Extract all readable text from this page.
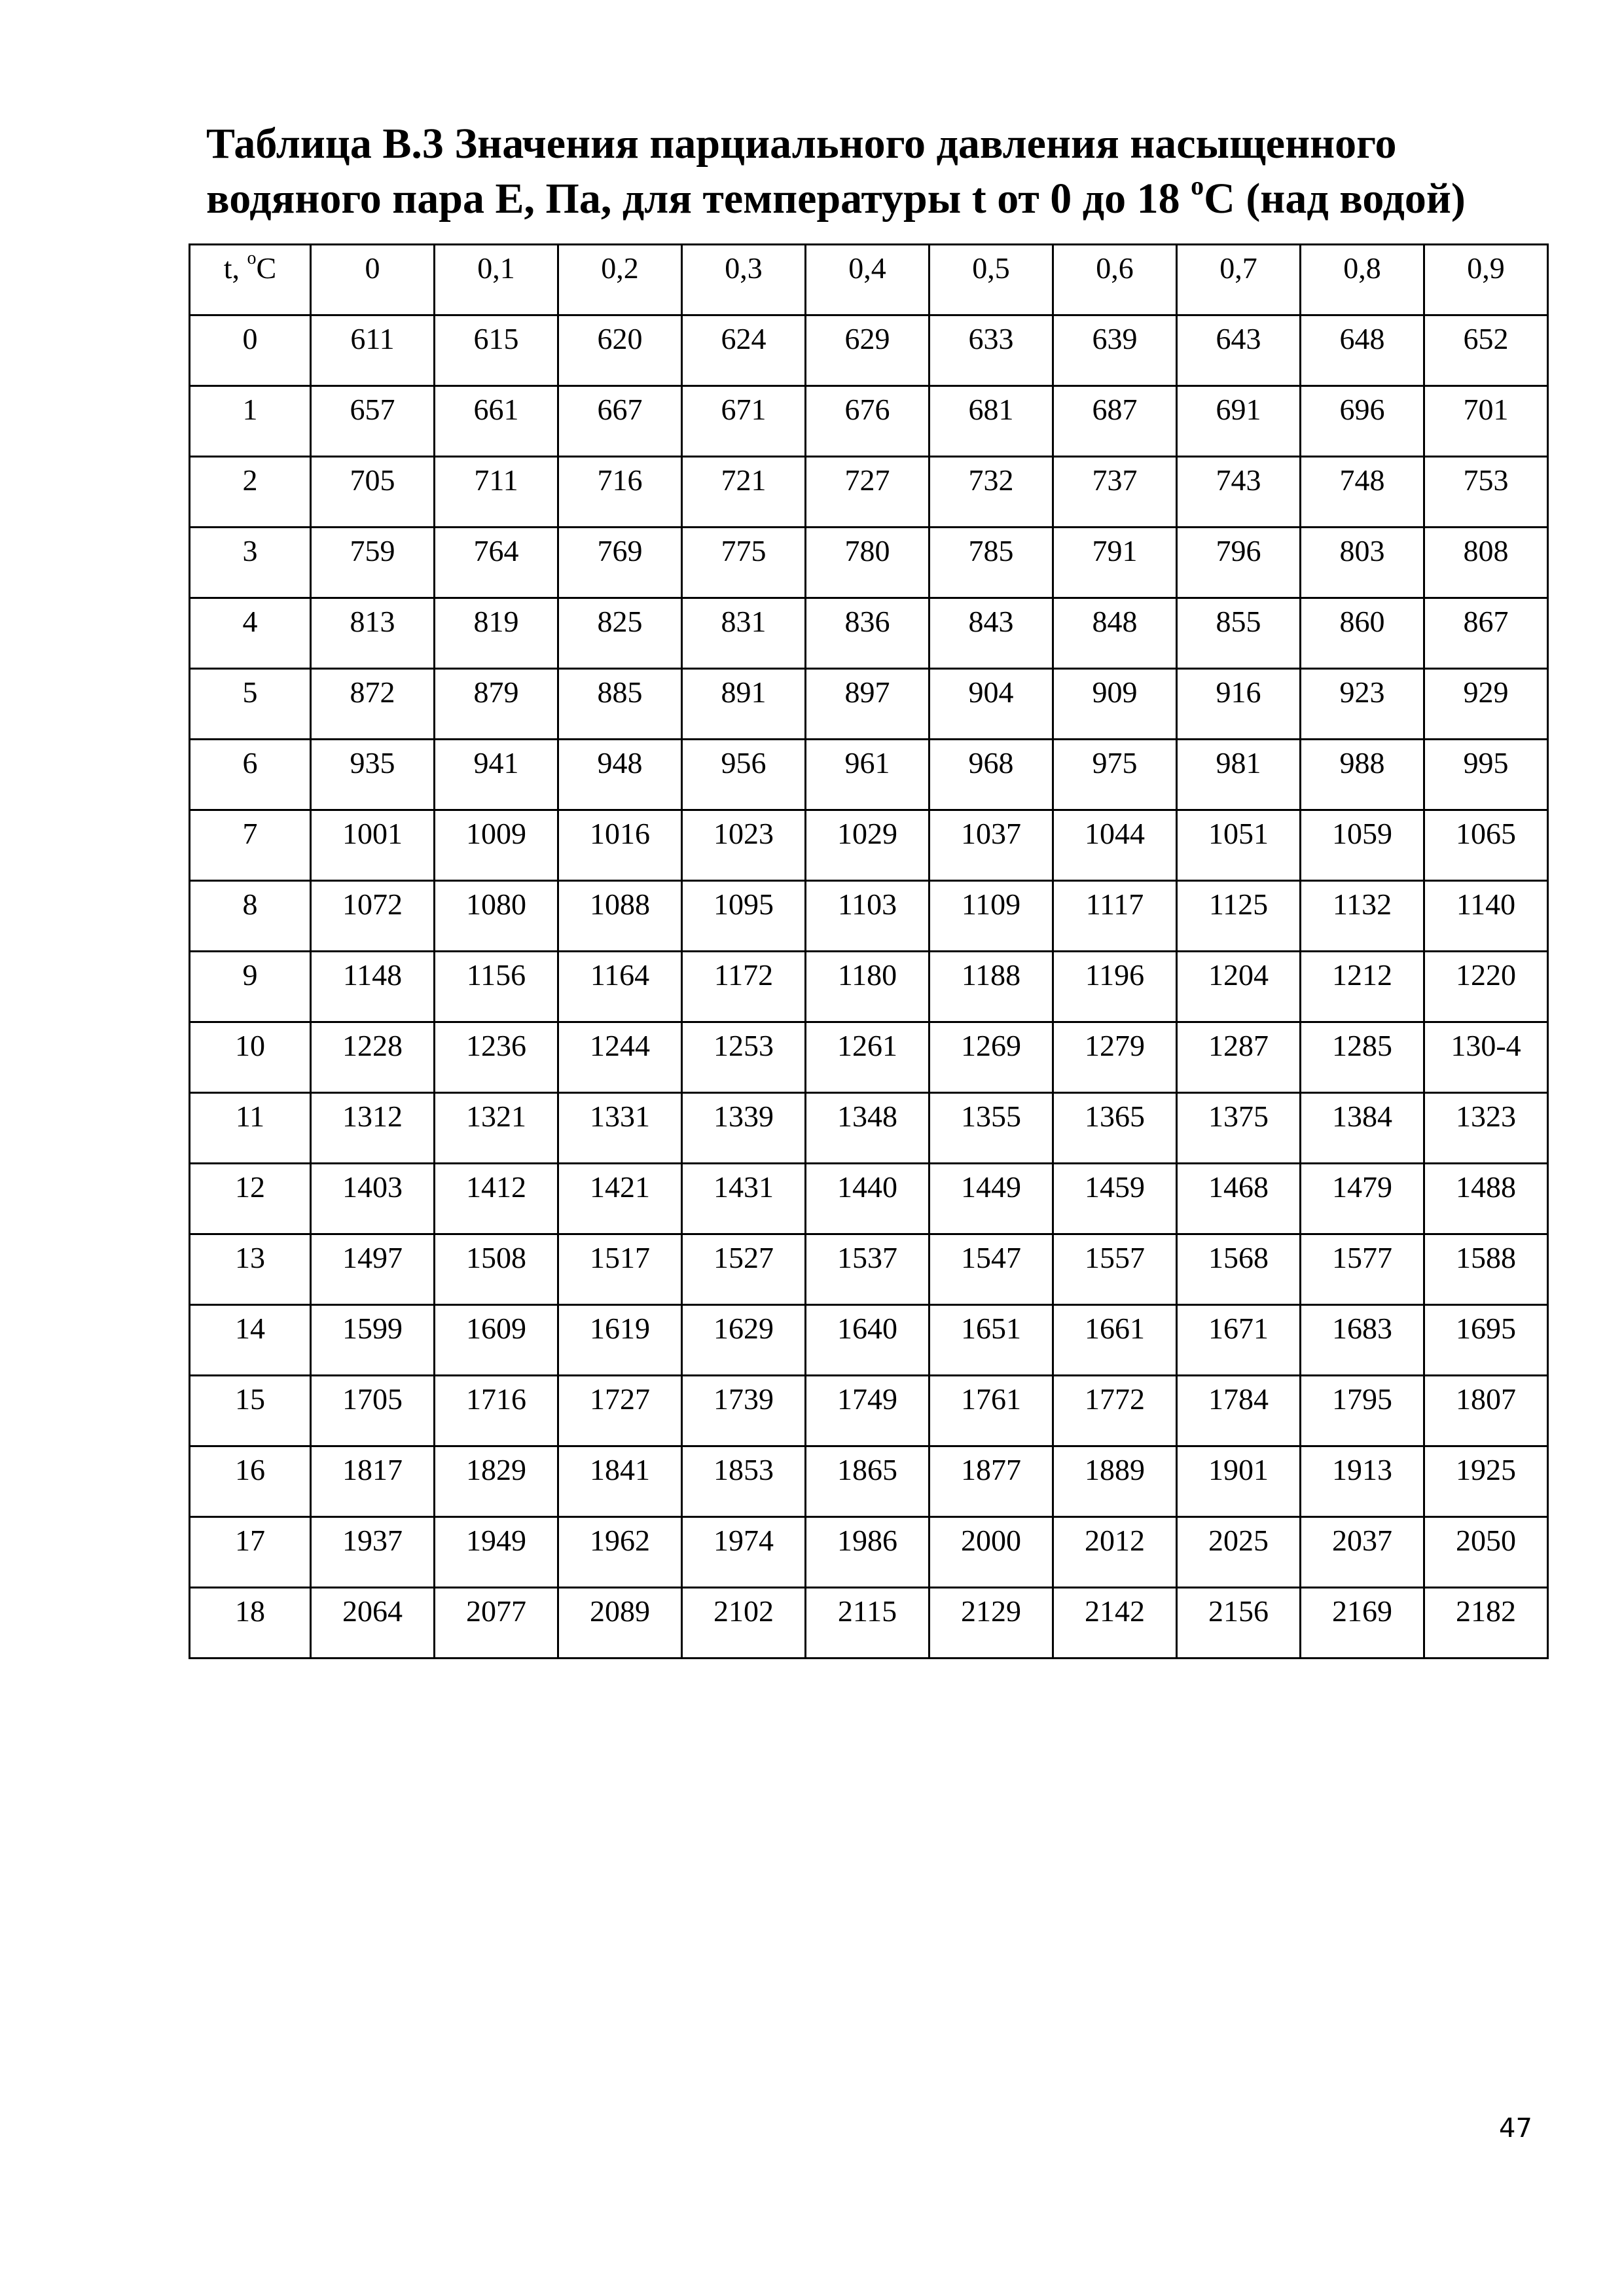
Таблица В.3 Значения парциального давления насыщенного
водяного пара Е, Па, для температуры t от 0 до 18 $^о$С (над водой)
t, $^о$С	0	0,1	0,2	0,3	0,4	0,5	0,6	0,7	0,8	0,9
0	611	615	620	624	629	633	639	643	648	652
1	657	661	667	671	676	681	687	691	696	701
2	705	711	716	721	727	732	737	743	748	753
3	759	764	769	775	780	785	791	796	803	808
4	813	819	825	831	836	843	848	855	860	867
5	872	879	885	891	897	904	909	916	923	929
6	935	941	948	956	961	968	975	981	988	995
7	1001	1009	1016	1023	1029	1037	1044	1051	1059	1065
8	1072	1080	1088	1095	1103	1109	1117	1125	1132	1140
9	1148	1156	1164	1172	1180	1188	1196	1204	1212	1220
10	1228	1236	1244	1253	1261	1269	1279	1287	1285	130-4
11	1312	1321	1331	1339	1348	1355	1365	1375	1384	1323
12	1403	1412	1421	1431	1440	1449	1459	1468	1479	1488
13	1497	1508	1517	1527	1537	1547	1557	1568	1577	1588
14	1599	1609	1619	1629	1640	1651	1661	1671	1683	1695
15	1705	1716	1727	1739	1749	1761	1772	1784	1795	1807
16	1817	1829	1841	1853	1865	1877	1889	1901	1913	1925
17	1937	1949	1962	1974	1986	2000	2012	2025	2037	2050
18	2064	2077	2089	2102	2115	2129	2142	2156	2169	2182
47
